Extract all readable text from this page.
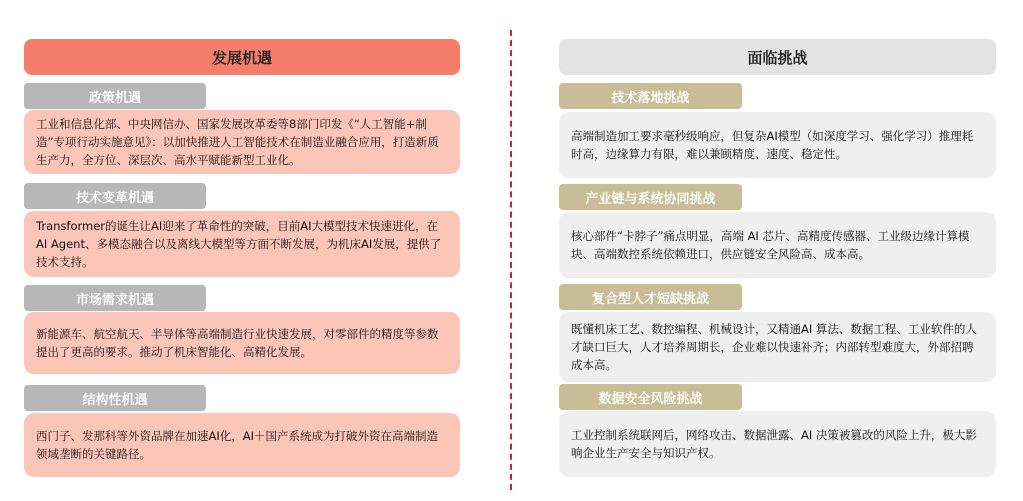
发展机遇
政策机遇
工业和信息化部、中央网信办、国家发展改革委等8部门印发《“人工智能+制造”专项行动实施意见》：以加快推进人工智能技术在制造业融合应用，打造新质生产力，全方位、深层次、高水平赋能新型工业化。
技术变革机遇
Transformer的诞生让AI迎来了革命性的突破，目前AI大模型技术快速进化，在AI Agent、多模态融合以及离线大模型等方面不断发展，为机床AI发展，提供了技术支持。
市场需求机遇
新能源车、航空航天、半导体等高端制造行业快速发展，对零部件的精度等参数提出了更高的要求。推动了机床智能化、高精化发展。
结构性机遇
西门子、发那科等外资品牌在加速AI化，AI＋国产系统成为打破外资在高端制造领域垄断的关键路径。
面临挑战
技术落地挑战
高端制造加工要求毫秒级响应，但复杂AI模型（如深度学习、强化学习）推理耗时高，边缘算力有限，难以兼顾精度、速度、稳定性。
产业链与系统协同挑战
核心部件“卡脖子”痛点明显，高端 AI 芯片、高精度传感器、工业级边缘计算模块、高端数控系统依赖进口，供应链安全风险高、成本高。
复合型人才短缺挑战
既懂机床工艺、数控编程、机械设计，又精通AI 算法、数据工程、工业软件的人才缺口巨大，人才培养周期长，企业难以快速补齐；内部转型难度大，外部招聘成本高。
数据安全风险挑战
工业控制系统联网后，网络攻击、数据泄露、AI 决策被篡改的风险上升，极大影响企业生产安全与知识产权。
